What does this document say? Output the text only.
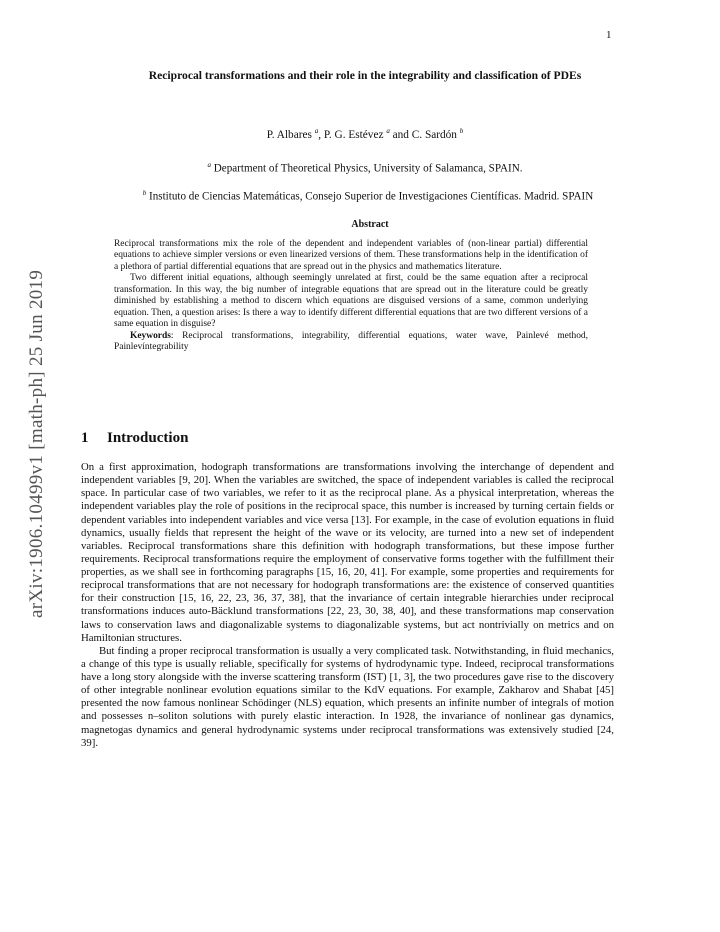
1
arXiv:1906.10499v1 [math-ph] 25 Jun 2019
Reciprocal transformations and their role in the integrability and classification of PDEs
P. Albares $^a$, P. G. Estévez $^a$ and C. Sardón $^b$
$^a$ Department of Theoretical Physics, University of Salamanca, SPAIN.
$^b$ Instituto de Ciencias Matemáticas, Consejo Superior de Investigaciones Científicas. Madrid. SPAIN
Abstract

Reciprocal transformations mix the role of the dependent and independent variables of (non-linear partial) differential equations to achieve simpler versions or even linearized versions of them. These transformations help in the identification of a plethora of partial differential equations that are spread out in the physics and mathematics literature.

Two different initial equations, although seemingly unrelated at first, could be the same equation after a reciprocal transformation. In this way, the big number of integrable equations that are spread out in the literature could be greatly diminished by establishing a method to discern which equations are disguised versions of a same, common underlying equation. Then, a question arises: Is there a way to identify different differential equations that are two different versions of a same equation in disguise?

Keywords: Reciprocal transformations, integrability, differential equations, water wave, Painlevé method, Painlevíntegrability

1 Introduction

On a first approximation, hodograph transformations are transformations involving the interchange of dependent and independent variables [9, 20]. When the variables are switched, the space of independent variables is called the reciprocal space. In particular case of two variables, we refer to it as the reciprocal plane. As a physical interpretation, whereas the independent variables play the role of positions in the reciprocal space, this number is increased by turning certain fields or dependent variables into independent variables and vice versa [13]. For example, in the case of evolution equations in fluid dynamics, usually fields that represent the height of the wave or its velocity, are turned into a new set of independent variables. Reciprocal transformations share this definition with hodograph transformations, but these impose further requirements. Reciprocal transformations require the employment of conservative forms together with the fulfillment their properties, as we shall see in forthcoming paragraphs [15, 16, 20, 41]. For example, some properties and requirements for reciprocal transformations that are not necessary for hodograph transformations are: the existence of conserved quantities for their construction [15, 16, 22, 23, 36, 37, 38], that the invariance of certain integrable hierarchies under reciprocal transformations induces auto-Bäcklund transformations [22, 23, 30, 38, 40], and these transformations map conservation laws to conservation laws and diagonalizable systems to diagonalizable systems, but act nontrivially on metrics and on Hamiltonian structures.

But finding a proper reciprocal transformation is usually a very complicated task. Notwithstanding, in fluid mechanics, a change of this type is usually reliable, specifically for systems of hydrodynamic type. Indeed, reciprocal transformations have a long story alongside with the inverse scattering transform (IST) [1, 3], the two procedures gave rise to the discovery of other integrable nonlinear evolution equations similar to the KdV equations. For example, Zakharov and Shabat [45] presented the now famous nonlinear Schödinger (NLS) equation, which presents an infinite number of integrals of motion and possesses n–soliton solutions with purely elastic interaction. In 1928, the invariance of nonlinear gas dynamics, magnetogas dynamics and general hydrodynamic systems under reciprocal transformations was extensively studied [24, 39].
